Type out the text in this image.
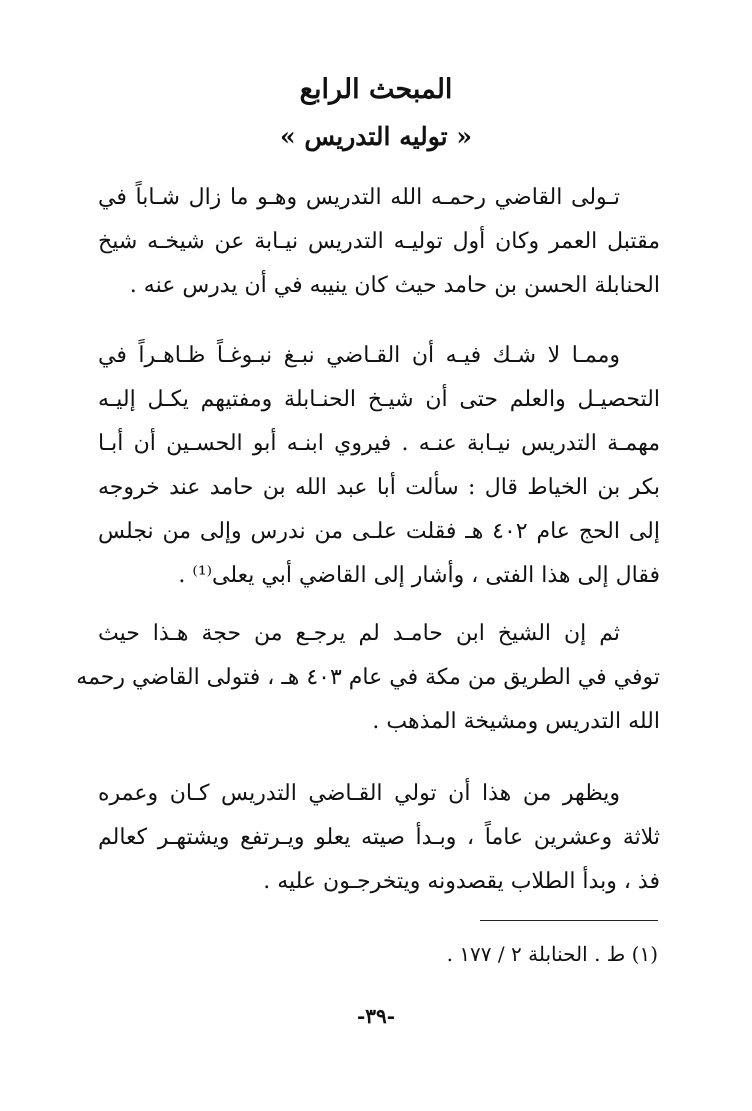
المبحث الرابع
« توليه التدريس »
تـولى القاضي رحمـه الله التدريس وهـو ما زال شـاباً في
مقتبل العمر وكان أول توليـه التدريس نيـابة عن شيخـه شيخ
الحنابلة الحسن بن حامد حيث كان ينيبه في أن يدرس عنه .
وممـا لا شـك فيـه أن القـاضي نبـغ نبـوغـاً ظـاهـراً في
التحصيـل والعلم حتى أن شيـخ الحنـابلة ومفتيهم يكـل إليـه
مهمـة التدريس نيـابة عنـه . فيروي ابنـه أبو الحسـين أن أبـا
بكر بن الخياط قال : سألت أبا عبد الله بن حامد عند خروجه
إلى الحج عام ٤٠٢ هـ فقلت علـى من ندرس وإلى من نجلس
فقال إلى هذا الفتى ، وأشار إلى القاضي أبي يعلى⁽¹⁾ .
ثم إن الشيخ ابن حامـد لم يرجـع من حجة هـذا حيث
توفي في الطريق من مكة في عام ٤٠٣ هـ ، فتولى القاضي رحمه
الله التدريس ومشيخة المذهب .
ويظهر من هذا أن تولي القـاضي التدريس كـان وعمره
ثلاثة وعشرين عاماً ، وبـدأ صيته يعلو ويـرتفع ويشتهـر كعالم
فذ ، وبدأ الطلاب يقصدونه ويتخرجـون عليه .
(١) ط . الحنابلة ٢ / ١٧٧ .
-٣٩-
